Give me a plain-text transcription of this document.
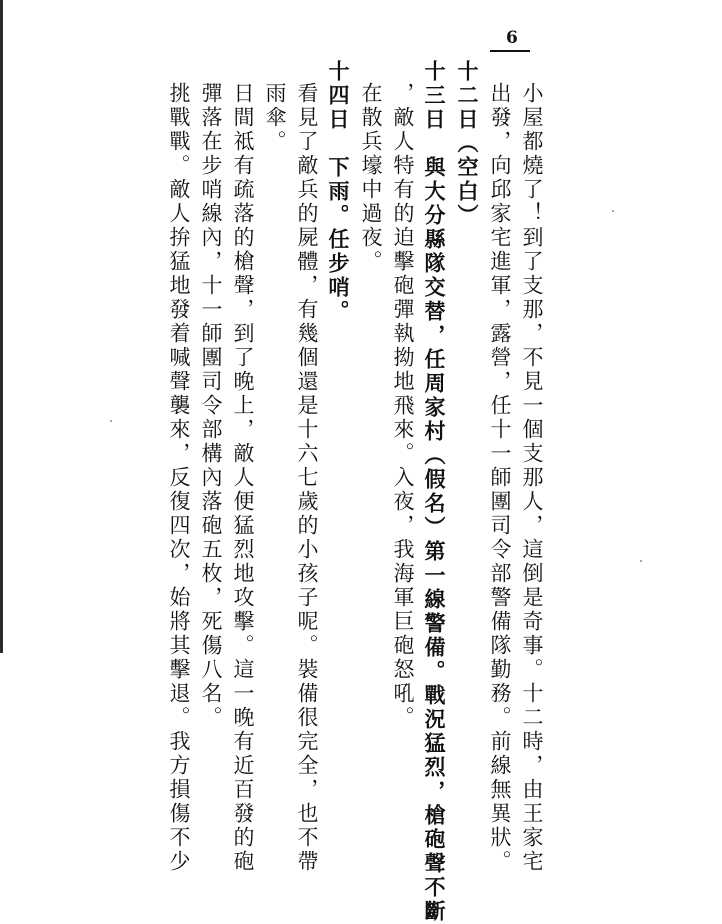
6
小屋都燒了！到了支那，不見一個支那人，這倒是奇事。十二時，由王家宅
出發，向邱家宅進軍，露營，任十一師團司令部警備隊勤務。前線無異狀。
十二日（空白）
十三日　與大分縣隊交替，任周家村（假名）第一線警備。戰況猛烈，槍砲聲不斷
，敵人特有的迫擊砲彈執拗地飛來。入夜，我海軍巨砲怒吼。
在散兵壕中過夜。
十四日　下雨。任步哨。
看見了敵兵的屍體，有幾個還是十六七歲的小孩子呢。裝備很完全，也不帶
雨傘。
日間祗有疏落的槍聲，到了晚上，敵人便猛烈地攻擊。這一晚有近百發的砲
彈落在步哨線內，十一師團司令部構內落砲五枚，死傷八名。
挑戰戰。敵人拚猛地發着喊聲襲來，反復四次，始將其擊退。我方損傷不少
